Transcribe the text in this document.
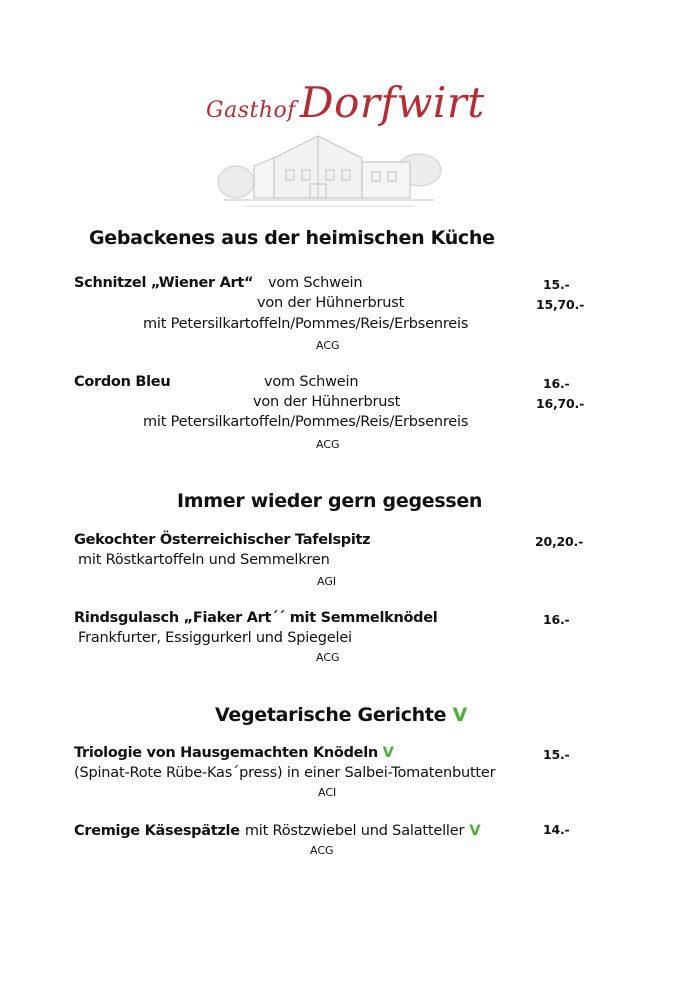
GasthofDorfwirt
Gebackenes aus der heimischen Küche
Schnitzel „Wiener Art“ vom Schwein	15.-
von der Hühnerbrust	15,70.-
mit Petersilkartoffeln/Pommes/Reis/Erbsenreis
ACG
Cordon Bleu	vom Schwein	16.-
von der Hühnerbrust	16,70.-
mit Petersilkartoffeln/Pommes/Reis/Erbsenreis
ACG
Immer wieder gern gegessen
Gekochter Österreichischer Tafelspitz	20,20.-
mit Röstkartoffeln und Semmelkren
AGI
Rindsgulasch „Fiaker Art´´ mit Semmelknödel	16.-
Frankfurter, Essiggurkerl und Spiegelei
ACG
Vegetarische Gerichte V
Triologie von Hausgemachten Knödeln V	15.-
(Spinat-Rote Rübe-Kas´press) in einer Salbei-Tomatenbutter
ACI
Cremige Käsespätzle mit Röstzwiebel und Salatteller V	14.-
ACG
